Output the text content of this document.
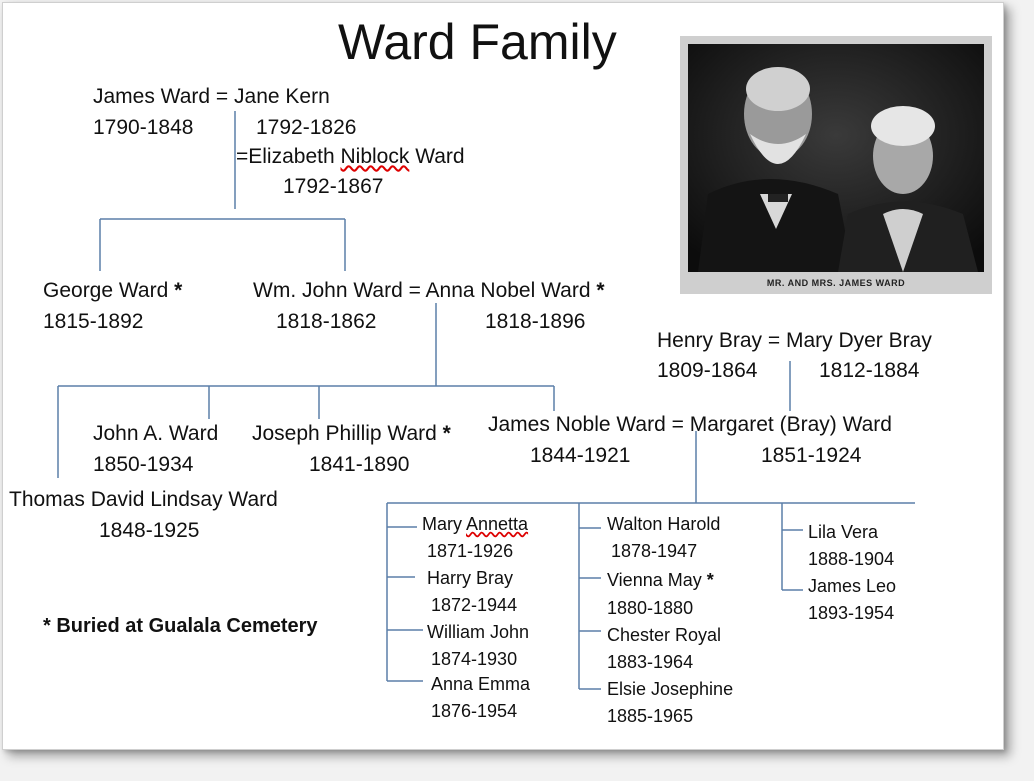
Ward Family
MR. AND MRS. JAMES WARD
James Ward = Jane Kern
1790-1848	1792-1826
=Elizabeth Niblock Ward
1792-1867
George Ward *
1815-1892
Wm. John Ward = Anna Nobel Ward *
1818-1862	1818-1896
Henry Bray = Mary Dyer Bray
1809-1864	1812-1884
John A. Ward
1850-1934
Joseph Phillip Ward *
1841-1890
James Noble Ward = Margaret (Bray) Ward
1844-1921	1851-1924
Thomas David Lindsay Ward
1848-1925	Mary Annetta
1871-1926
Harry Bray
1872-1944
William John
1874-1930
Anna Emma
1876-1954
Walton Harold
1878-1947
Vienna May *
1880-1880
Chester Royal
1883-1964
Elsie Josephine
1885-1965
Lila Vera
1888-1904
James Leo
1893-1954
* Buried at Gualala Cemetery
